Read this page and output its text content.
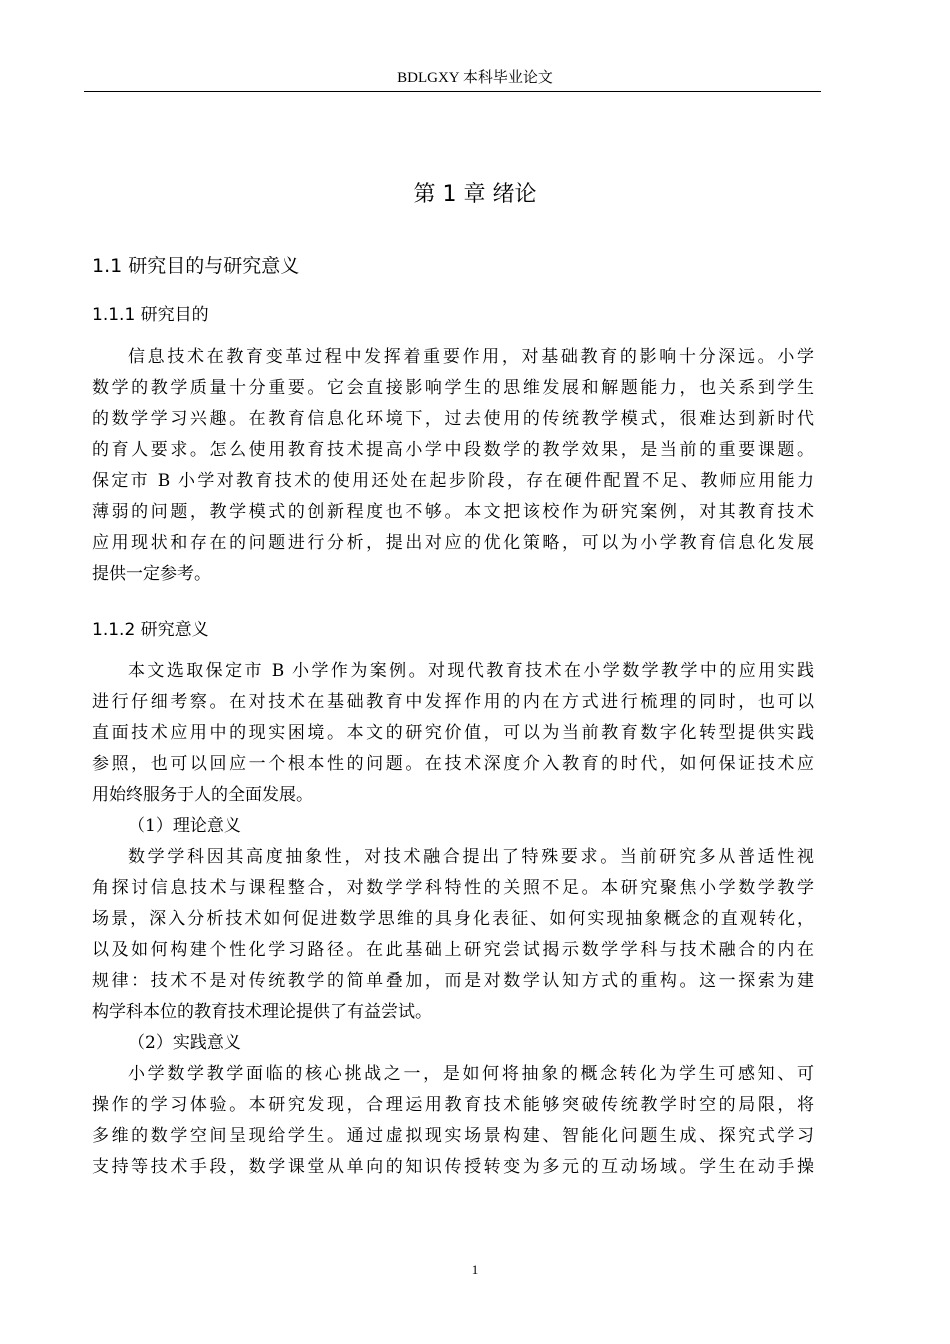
BDLGXY 本科毕业论文
第 1 章 绪论
1.1 研究目的与研究意义
1.1.1 研究目的
信息技术在教育变革过程中发挥着重要作用，对基础教育的影响十分深远。小学
数学的教学质量十分重要。它会直接影响学生的思维发展和解题能力，也关系到学生
的数学学习兴趣。在教育信息化环境下，过去使用的传统教学模式，很难达到新时代
的育人要求。怎么使用教育技术提高小学中段数学的教学效果，是当前的重要课题。
保定市 B 小学对教育技术的使用还处在起步阶段，存在硬件配置不足、教师应用能力
薄弱的问题，教学模式的创新程度也不够。本文把该校作为研究案例，对其教育技术
应用现状和存在的问题进行分析，提出对应的优化策略，可以为小学教育信息化发展
提供一定参考。
1.1.2 研究意义
本文选取保定市 B 小学作为案例。对现代教育技术在小学数学教学中的应用实践
进行仔细考察。在对技术在基础教育中发挥作用的内在方式进行梳理的同时，也可以
直面技术应用中的现实困境。本文的研究价值，可以为当前教育数字化转型提供实践
参照，也可以回应一个根本性的问题。在技术深度介入教育的时代，如何保证技术应
用始终服务于人的全面发展。
（1）理论意义
数学学科因其高度抽象性，对技术融合提出了特殊要求。当前研究多从普适性视
角探讨信息技术与课程整合，对数学学科特性的关照不足。本研究聚焦小学数学教学
场景，深入分析技术如何促进数学思维的具身化表征、如何实现抽象概念的直观转化，
以及如何构建个性化学习路径。在此基础上研究尝试揭示数学学科与技术融合的内在
规律：技术不是对传统教学的简单叠加，而是对数学认知方式的重构。这一探索为建
构学科本位的教育技术理论提供了有益尝试。
（2）实践意义
小学数学教学面临的核心挑战之一，是如何将抽象的概念转化为学生可感知、可
操作的学习体验。本研究发现，合理运用教育技术能够突破传统教学时空的局限，将
多维的数学空间呈现给学生。通过虚拟现实场景构建、智能化问题生成、探究式学习
支持等技术手段，数学课堂从单向的知识传授转变为多元的互动场域。学生在动手操
1
